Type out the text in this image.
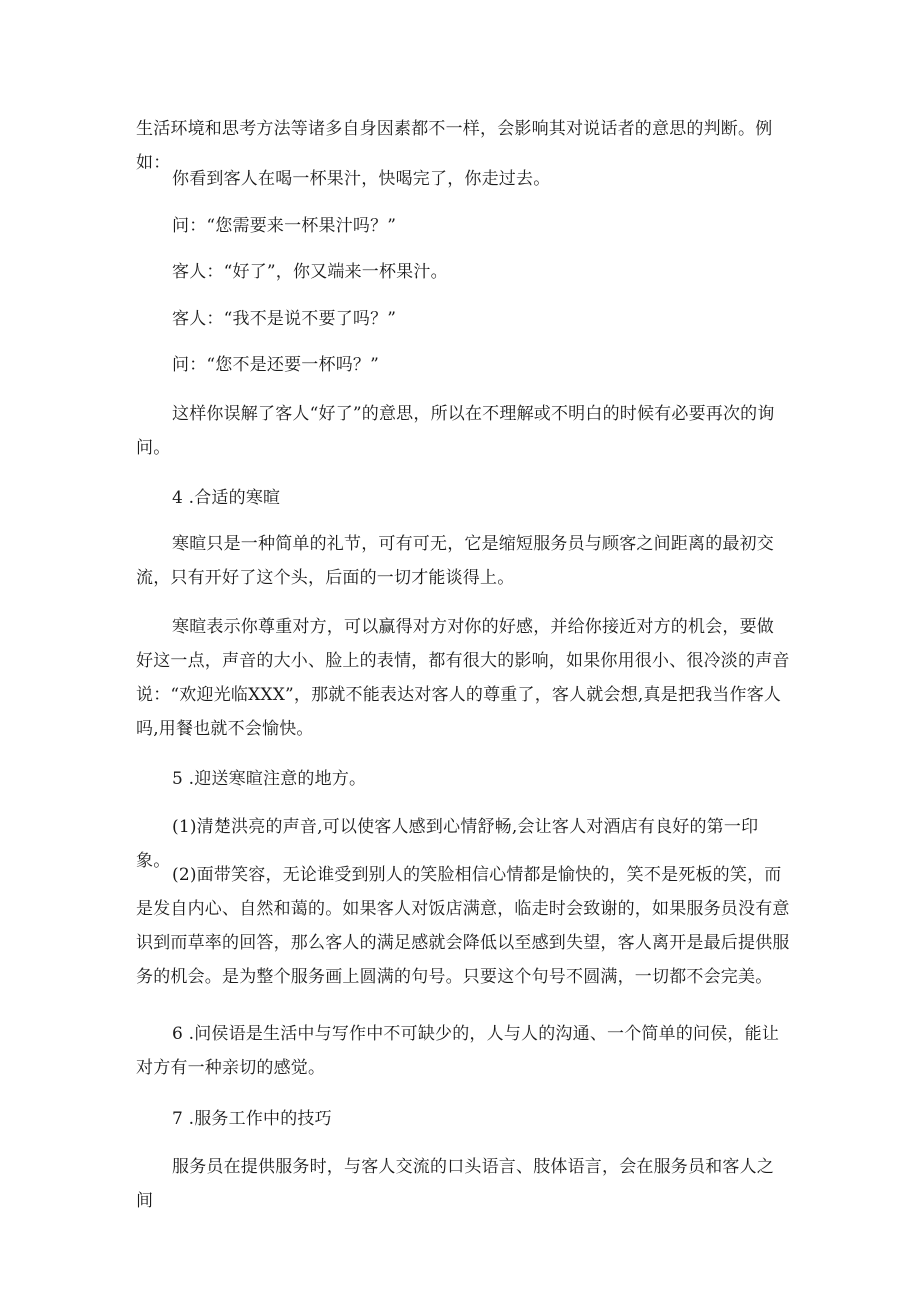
生活环境和思考方法等诸多自身因素都不一样，会影响其对说话者的意思的判断。例如：

你看到客人在喝一杯果汁，快喝完了，你走过去。

问：“您需要来一杯果汁吗？”

客人：“好了”，你又端来一杯果汁。

客人：“我不是说不要了吗？”

问：“您不是还要一杯吗？”

这样你误解了客人“好了”的意思，所以在不理解或不明白的时候有必要再次的询问。

4 .合适的寒暄

寒暄只是一种简单的礼节，可有可无，它是缩短服务员与顾客之间距离的最初交流，只有开好了这个头，后面的一切才能谈得上。

寒暄表示你尊重对方，可以赢得对方对你的好感，并给你接近对方的机会，要做好这一点，声音的大小、脸上的表情，都有很大的影响，如果你用很小、很冷淡的声音说：“欢迎光临XXX”，那就不能表达对客人的尊重了，客人就会想,真是把我当作客人吗,用餐也就不会愉快。

5 .迎送寒暄注意的地方。

(1)清楚洪亮的声音,可以使客人感到心情舒畅,会让客人对酒店有良好的第一印象。

(2)面带笑容，无论谁受到别人的笑脸相信心情都是愉快的，笑不是死板的笑，而是发自内心、自然和蔼的。如果客人对饭店满意，临走时会致谢的，如果服务员没有意识到而草率的回答，那么客人的满足感就会降低以至感到失望，客人离开是最后提供服务的机会。是为整个服务画上圆满的句号。只要这个句号不圆满，一切都不会完美。

6 .问侯语是生活中与写作中不可缺少的，人与人的沟通、一个简单的问侯，能让对方有一种亲切的感觉。

7 .服务工作中的技巧

服务员在提供服务时，与客人交流的口头语言、肢体语言，会在服务员和客人之间
